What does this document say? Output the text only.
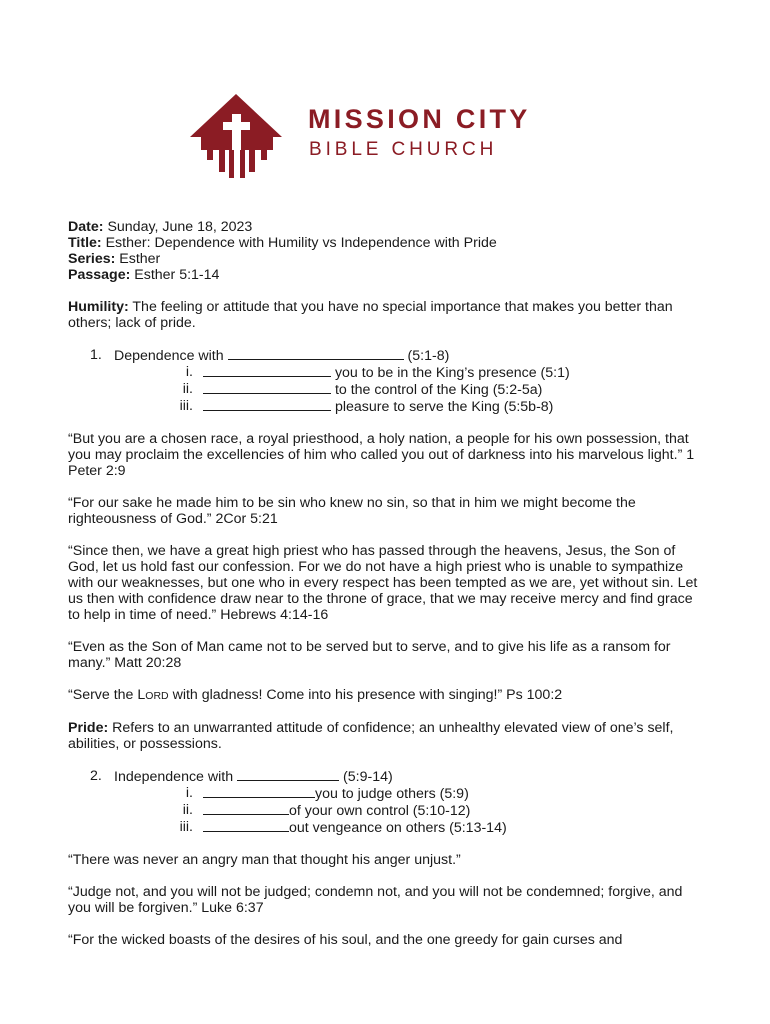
MISSION CITY
BIBLE CHURCH
Date: Sunday, June 18, 2023
Title: Esther: Dependence with Humility vs Independence with Pride
Series: Esther
Passage: Esther 5:1-14
Humility: The feeling or attitude that you have no special importance that makes you better than others; lack of pride.
1. Dependence with	(5:1-8)
i.	you to be in the King’s presence (5:1)
ii.	to the control of the King (5:2-5a)
iii.	pleasure to serve the King (5:5b-8)
“But you are a chosen race, a royal priesthood, a holy nation, a people for his own possession, that you may proclaim the excellencies of him who called you out of darkness into his marvelous light.” 1 Peter 2:9
“For our sake he made him to be sin who knew no sin, so that in him we might become the righteousness of God.” 2Cor 5:21
“Since then, we have a great high priest who has passed through the heavens, Jesus, the Son of God, let us hold fast our confession. For we do not have a high priest who is unable to sympathize with our weaknesses, but one who in every respect has been tempted as we are, yet without sin. Let us then with confidence draw near to the throne of grace, that we may receive mercy and find grace to help in time of need.” Hebrews 4:14-16
“Even as the Son of Man came not to be served but to serve, and to give his life as a ransom for many.” Matt 20:28
“Serve the LORD with gladness! Come into his presence with singing!” Ps 100:2
Pride: Refers to an unwarranted attitude of confidence; an unhealthy elevated view of one’s self, abilities, or possessions.
2. Independence with	(5:9-14)
i.	you to judge others (5:9)
ii.	of your own control (5:10-12)
iii.	out vengeance on others (5:13-14)
“There was never an angry man that thought his anger unjust.”
“Judge not, and you will not be judged; condemn not, and you will not be condemned; forgive, and you will be forgiven.” Luke 6:37
“For the wicked boasts of the desires of his soul, and the one greedy for gain curses and
